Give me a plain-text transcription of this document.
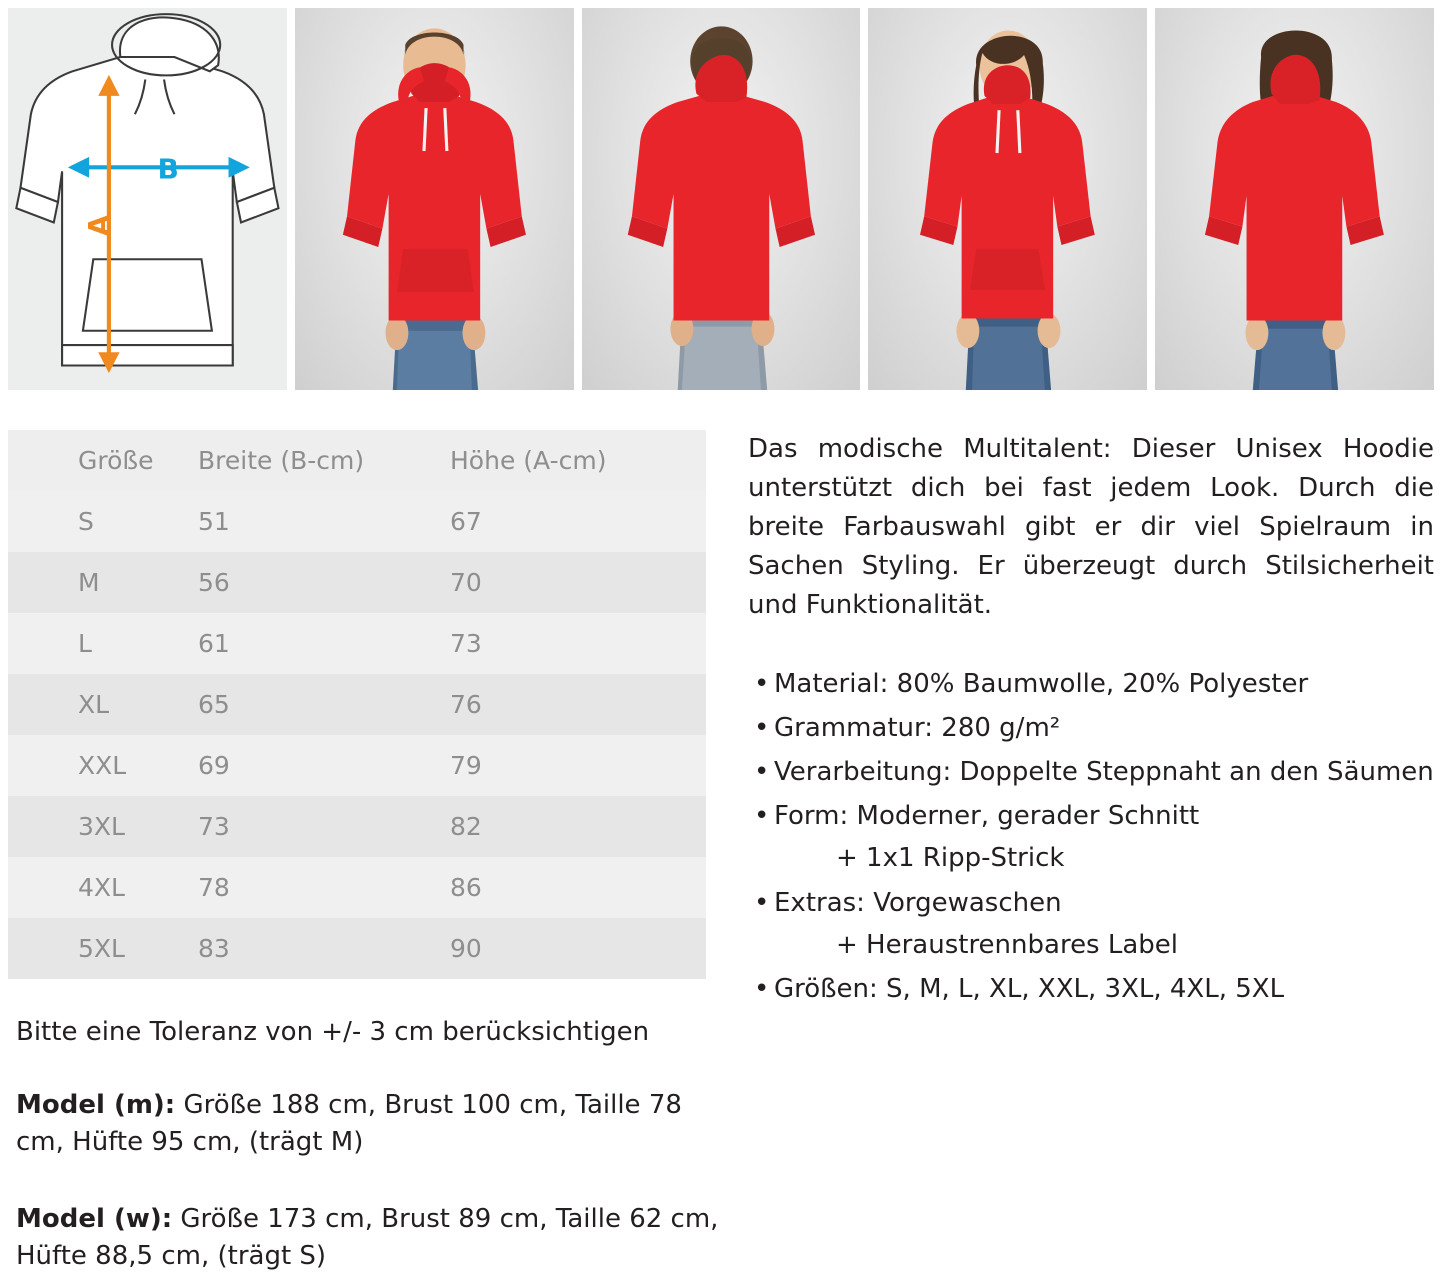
B
A
Größe	Breite (B-cm)	Höhe (A-cm)
S	51	67
M	56	70
L	61	73
XL	65	76
XXL	69	79
3XL	73	82
4XL	78	86
5XL	83	90

Bitte eine Toleranz von +/- 3 cm berücksichtigen

Model (m): Größe 188 cm, Brust 100 cm, Taille 78 cm, Hüfte 95 cm, (trägt M)

Model (w): Größe 173 cm, Brust 89 cm, Taille 62 cm, Hüfte 88,5 cm, (trägt S)

Das modische Multitalent: Dieser Unisex Hoodie unterstützt dich bei fast jedem Look. Durch die breite Farbauswahl gibt er dir viel Spielraum in Sachen Styling. Er überzeugt durch Stilsicherheit und Funktionalität.

• Material: 80% Baumwolle, 20% Polyester
• Grammatur: 280 g/m²
• Verarbeitung: Doppelte Steppnaht an den Säumen
• Form: Moderner, gerader Schnitt
+ 1x1 Ripp-Strick
• Extras: Vorgewaschen
+ Heraustrennbares Label
• Größen: S, M, L, XL, XXL, 3XL, 4XL, 5XL
